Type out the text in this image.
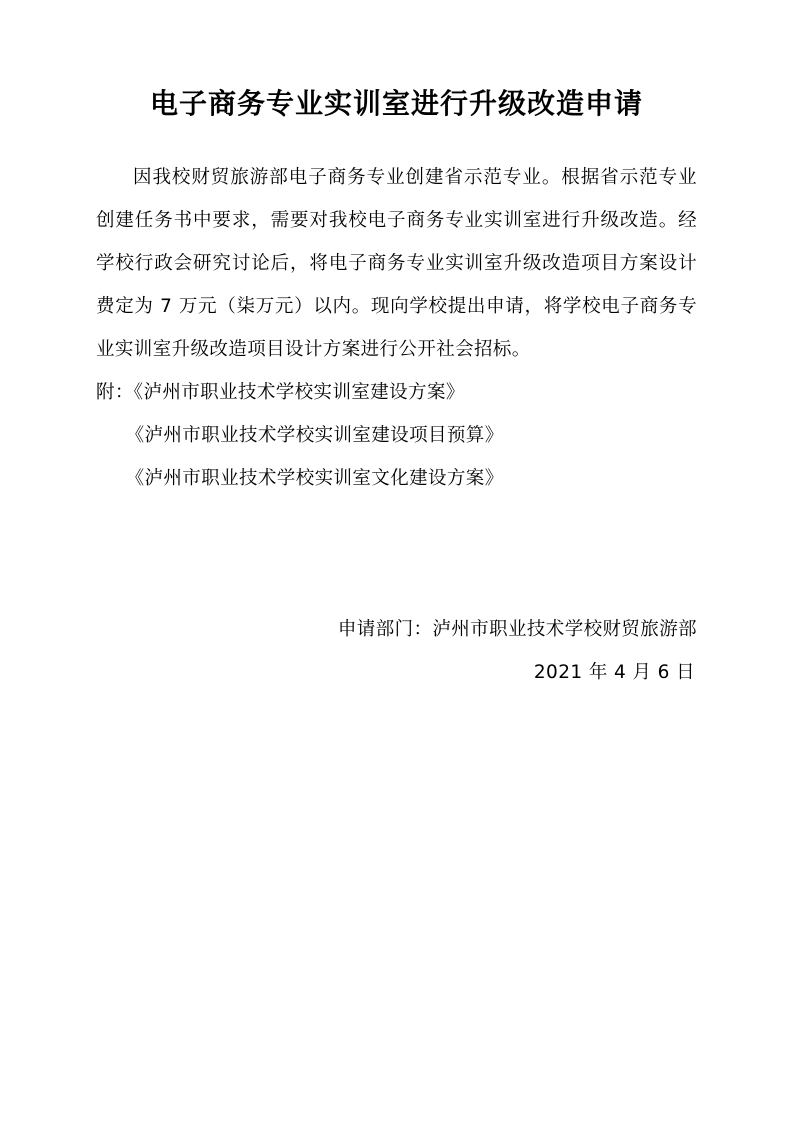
电子商务专业实训室进行升级改造申请

因我校财贸旅游部电子商务专业创建省示范专业。根据省示范专业创建任务书中要求，需要对我校电子商务专业实训室进行升级改造。经学校行政会研究讨论后，将电子商务专业实训室升级改造项目方案设计费定为 7 万元（柒万元）以内。现向学校提出申请，将学校电子商务专业实训室升级改造项目设计方案进行公开社会招标。

附：《泸州市职业技术学校实训室建设方案》
《泸州市职业技术学校实训室建设项目预算》
《泸州市职业技术学校实训室文化建设方案》
申请部门：泸州市职业技术学校财贸旅游部
2021 年 4 月 6 日
